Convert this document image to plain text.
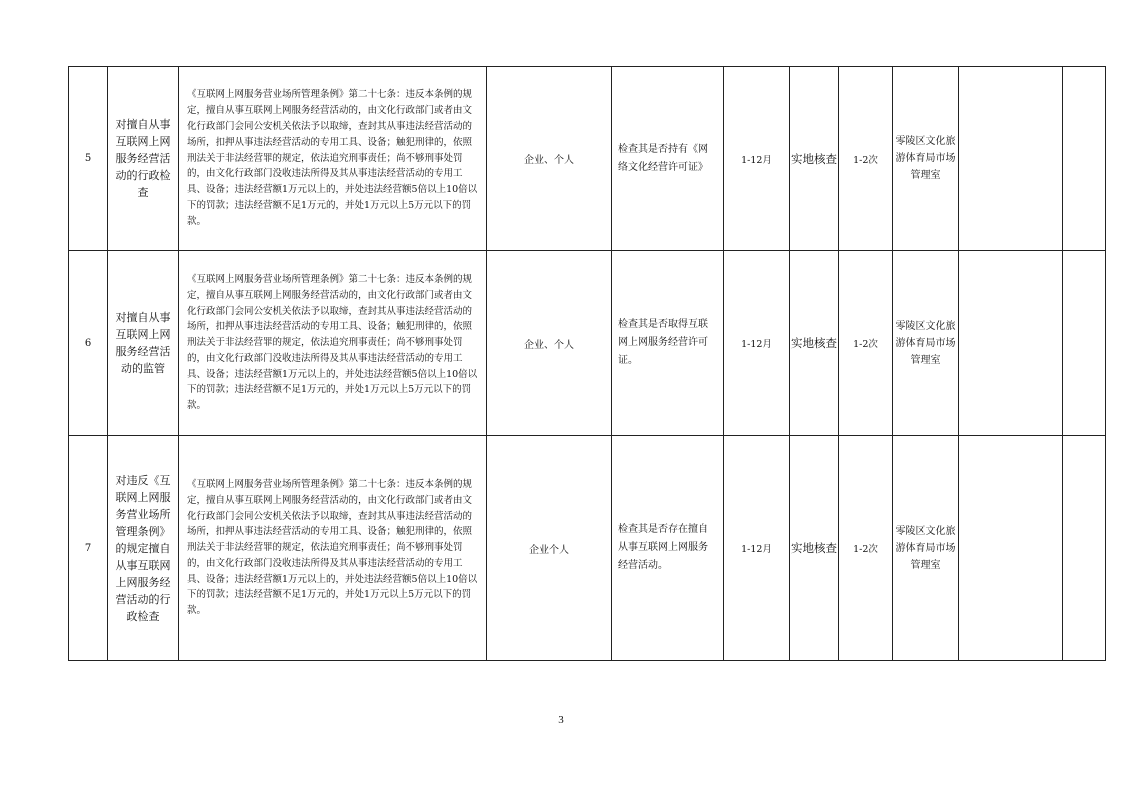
5	对擅自从事互联网上网服务经营活动的行政检查	《互联网上网服务营业场所管理条例》第二十七条：违反本条例的规定，擅自从事互联网上网服务经营活动的，由文化行政部门或者由文化行政部门会同公安机关依法予以取缔，查封其从事违法经营活动的场所，扣押从事违法经营活动的专用工具、设备；触犯刑律的，依照刑法关于非法经营罪的规定，依法追究刑事责任；尚不够刑事处罚的，由文化行政部门没收违法所得及其从事违法经营活动的专用工具、设备；违法经营额1万元以上的，并处违法经营额5倍以上10倍以下的罚款；违法经营额不足1万元的，并处1万元以上5万元以下的罚款。	企业、个人	检查其是否持有《网络文化经营许可证》	1-12月	实地核查	1-2次	零陵区文化旅游体育局市场管理室		

6	对擅自从事互联网上网服务经营活动的监管	《互联网上网服务营业场所管理条例》第二十七条：违反本条例的规定，擅自从事互联网上网服务经营活动的，由文化行政部门或者由文化行政部门会同公安机关依法予以取缔，查封其从事违法经营活动的场所，扣押从事违法经营活动的专用工具、设备；触犯刑律的，依照刑法关于非法经营罪的规定，依法追究刑事责任；尚不够刑事处罚的，由文化行政部门没收违法所得及其从事违法经营活动的专用工具、设备；违法经营额1万元以上的，并处违法经营额5倍以上10倍以下的罚款；违法经营额不足1万元的，并处1万元以上5万元以下的罚款。	企业、个人	检查其是否取得互联网上网服务经营许可证。	1-12月	实地核查	1-2次	零陵区文化旅游体育局市场管理室		

7	对违反《互联网上网服务营业场所管理条例》的规定擅自从事互联网上网服务经营活动的行政检查	《互联网上网服务营业场所管理条例》第二十七条：违反本条例的规定，擅自从事互联网上网服务经营活动的，由文化行政部门或者由文化行政部门会同公安机关依法予以取缔，查封其从事违法经营活动的场所，扣押从事违法经营活动的专用工具、设备；触犯刑律的，依照刑法关于非法经营罪的规定，依法追究刑事责任；尚不够刑事处罚的，由文化行政部门没收违法所得及其从事违法经营活动的专用工具、设备；违法经营额1万元以上的，并处违法经营额5倍以上10倍以下的罚款；违法经营额不足1万元的，并处1万元以上5万元以下的罚款。	企业个人	检查其是否存在擅自从事互联网上网服务经营活动。	1-12月	实地核查	1-2次	零陵区文化旅游体育局市场管理室		

3
